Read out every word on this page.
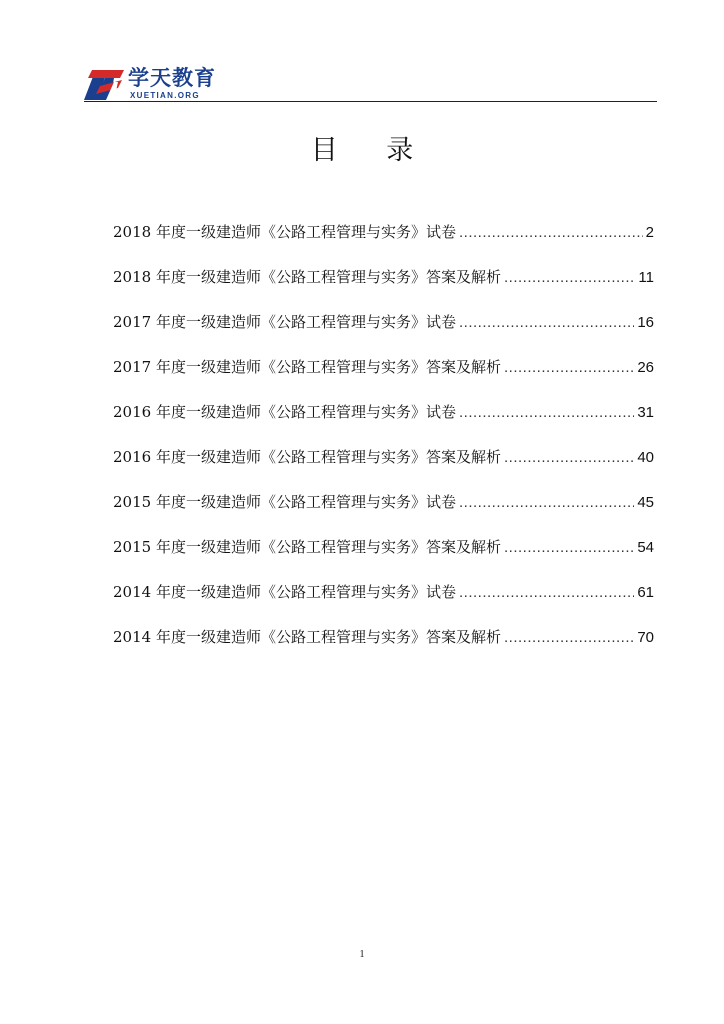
学天教育
XUETIAN.ORG
目 录
2018 年度一级建造师《公路工程管理与实务》试卷 .....	2
2018 年度一级建造师《公路工程管理与实务》答案及解析 .....	11
2017 年度一级建造师《公路工程管理与实务》试卷 .....	16
2017 年度一级建造师《公路工程管理与实务》答案及解析 .....	26
2016 年度一级建造师《公路工程管理与实务》试卷 .....	31
2016 年度一级建造师《公路工程管理与实务》答案及解析 .....	40
2015 年度一级建造师《公路工程管理与实务》试卷 .....	45
2015 年度一级建造师《公路工程管理与实务》答案及解析 .....	54
2014 年度一级建造师《公路工程管理与实务》试卷 .....	61
2014 年度一级建造师《公路工程管理与实务》答案及解析 .....	70
1
